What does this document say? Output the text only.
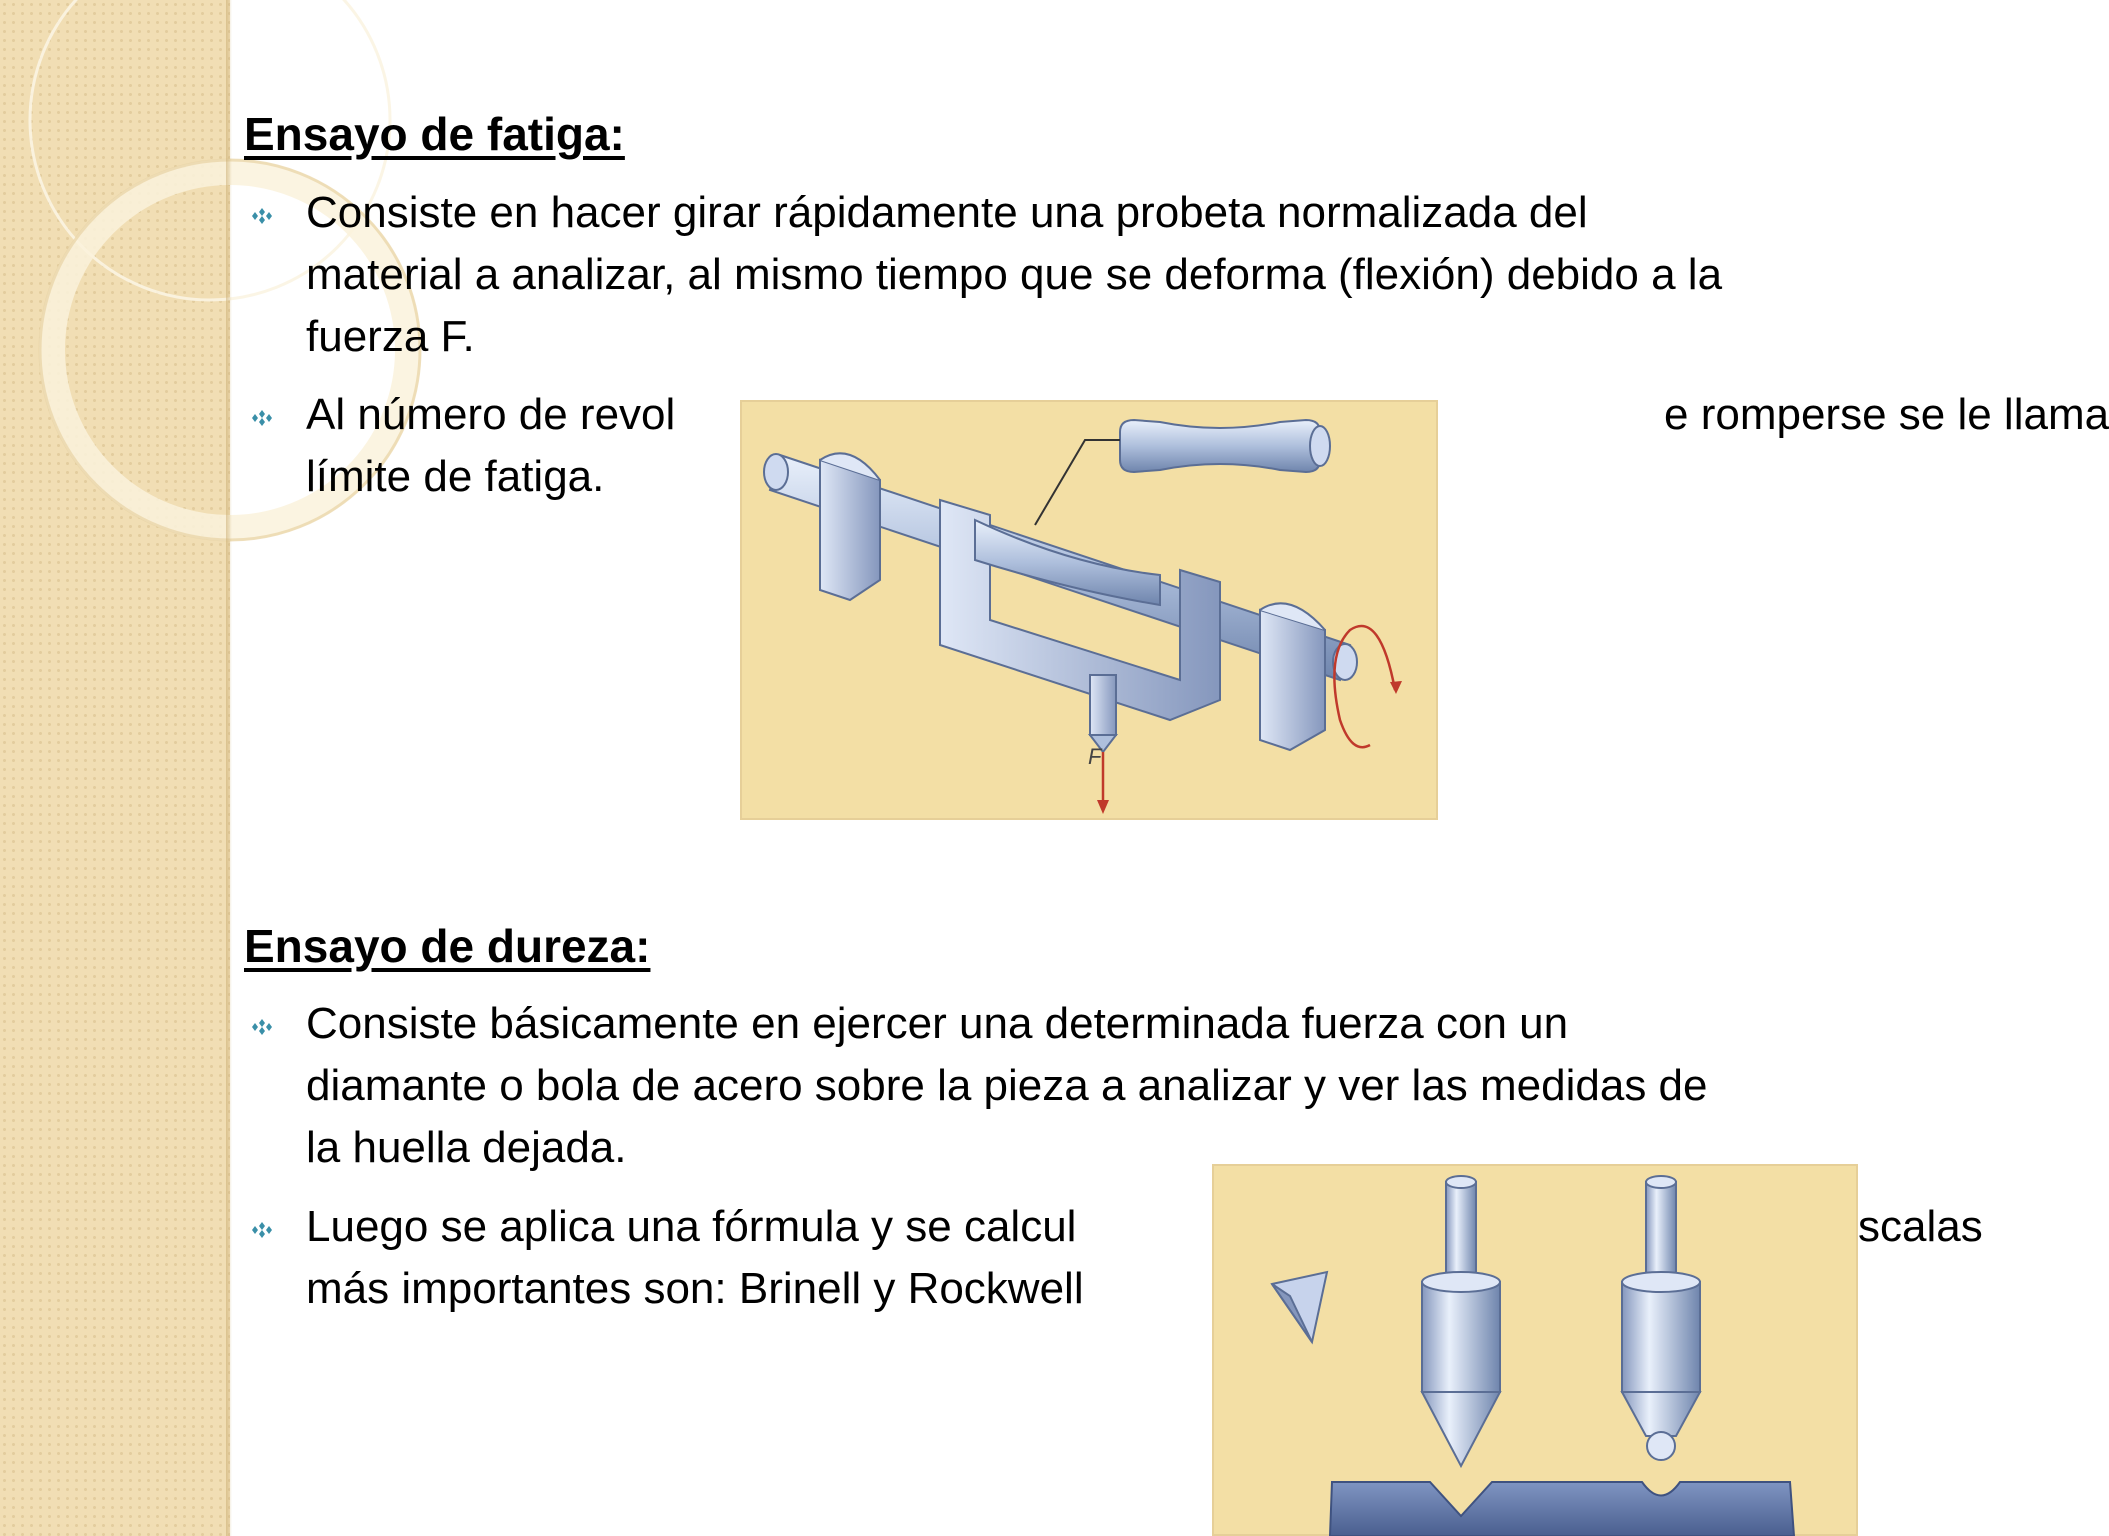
Ensayo de fatiga:
Consiste en hacer girar rápidamente una probeta normalizada del
material a analizar, al mismo tiempo que se deforma (flexión) debido a la
fuerza F.
Al número de revol
límite de fatiga.
e romperse se le llama
F
Ensayo de dureza:
Consiste básicamente en ejercer una determinada fuerza con un
diamante o bola de acero sobre la pieza a analizar y ver las medidas de
la huella dejada.
Luego se aplica una fórmula y se calcul
más importantes son: Brinell y Rockwell
scalas
